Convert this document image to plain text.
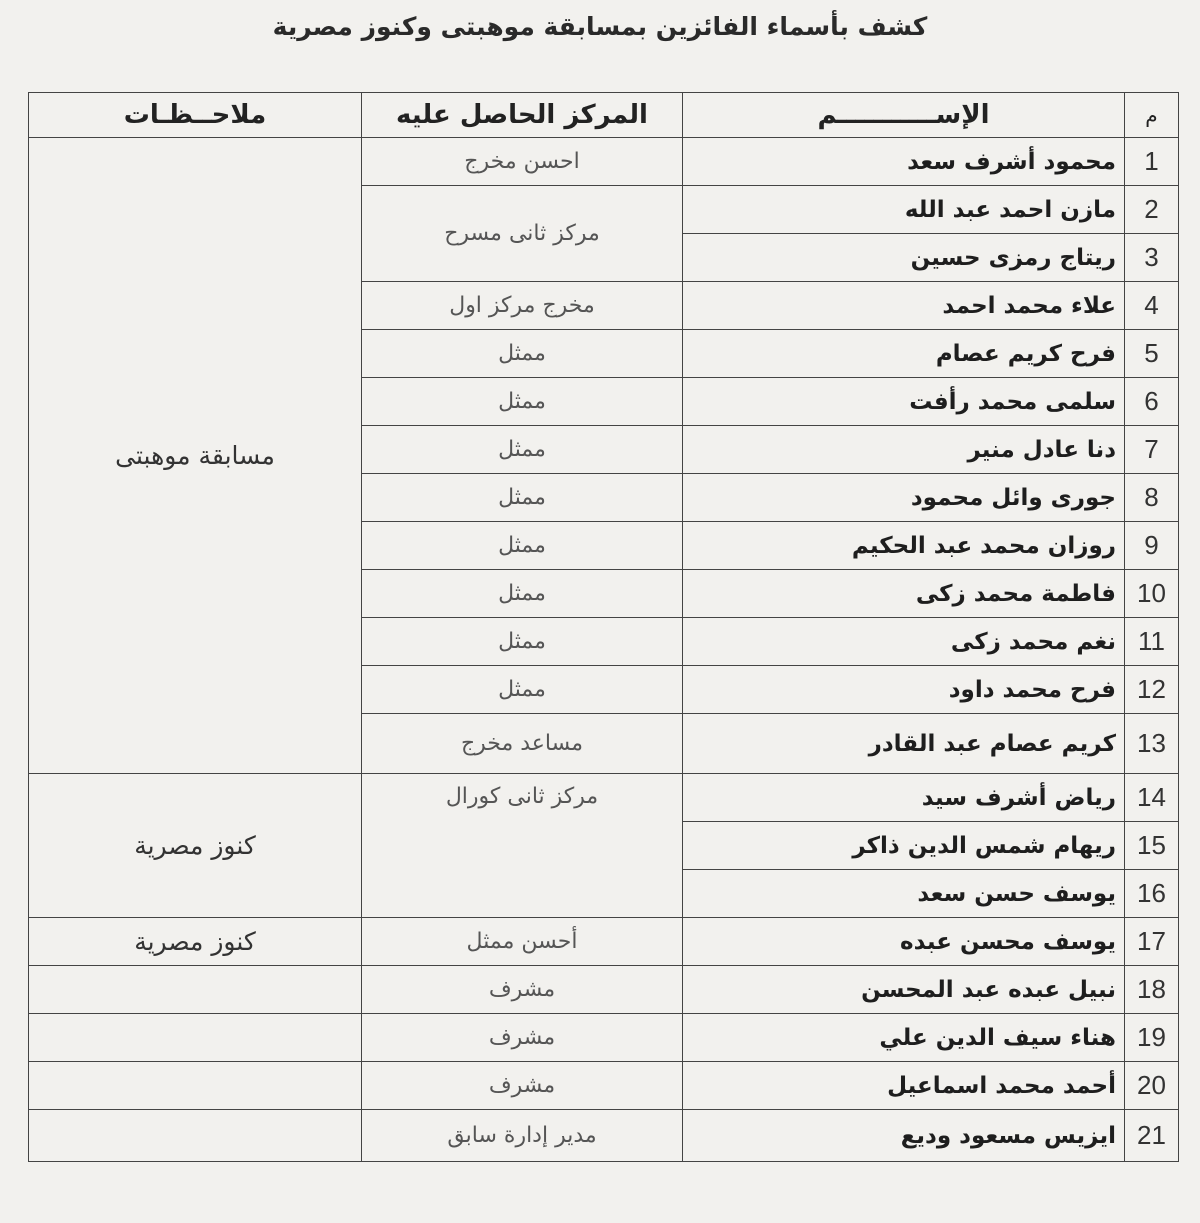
كشف بأسماء الفائزين بمسابقة موهبتى وكنوز مصرية
م	الإســـــــــــم	المركز الحاصل عليه	ملاحــظـات
1	محمود أشرف سعد	احسن مخرج	مسابقة موهبتى
2	مازن احمد عبد الله	مركز ثانى مسرح	
3	ريتاج رمزى حسين		
4	علاء محمد احمد	مخرج مركز اول	
5	فرح كريم عصام	ممثل	
6	سلمى محمد رأفت	ممثل	
7	دنا عادل منير	ممثل	
8	جورى وائل محمود	ممثل	
9	روزان محمد عبد الحكيم	ممثل	
10	فاطمة محمد زكى	ممثل	
11	نغم محمد زكى	ممثل	
12	فرح محمد داود	ممثل	
13	كريم عصام عبد القادر	مساعد مخرج	
14	رياض أشرف سيد	مركز ثانى كورال	كنوز مصرية
15	ريهام شمس الدين ذاكر		
16	يوسف حسن سعد		
17	يوسف محسن عبده	أحسن ممثل	كنوز مصرية
18	نبيل عبده عبد المحسن	مشرف	
19	هناء سيف الدين علي	مشرف	
20	أحمد محمد اسماعيل	مشرف	
21	ايزيس مسعود وديع	مدير إدارة سابق	
